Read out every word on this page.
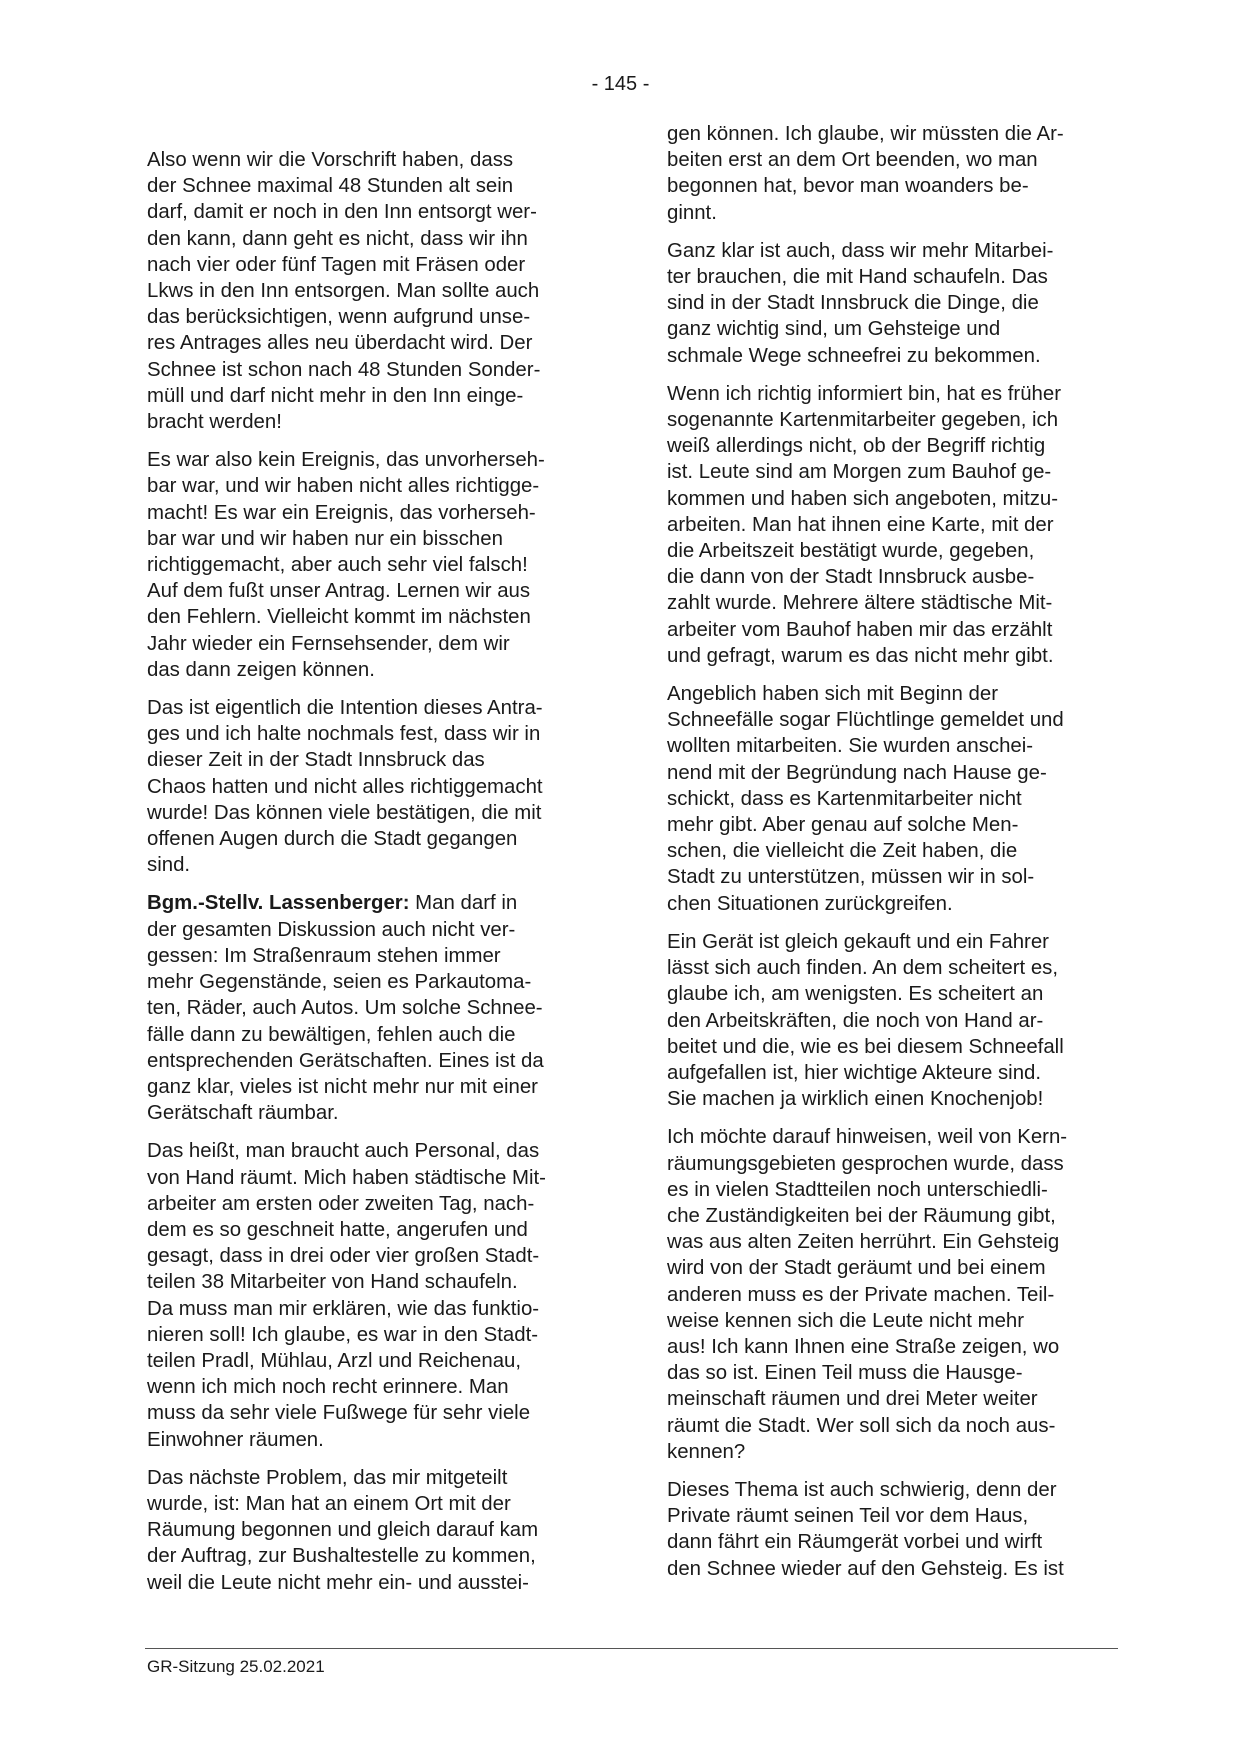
- 145 -

Also wenn wir die Vorschrift haben, dass
der Schnee maximal 48 Stunden alt sein
darf, damit er noch in den Inn entsorgt wer-
den kann, dann geht es nicht, dass wir ihn
nach vier oder fünf Tagen mit Fräsen oder
Lkws in den Inn entsorgen. Man sollte auch
das berücksichtigen, wenn aufgrund unse-
res Antrages alles neu überdacht wird. Der
Schnee ist schon nach 48 Stunden Sonder-
müll und darf nicht mehr in den Inn einge-
bracht werden!

Es war also kein Ereignis, das unvorherseh-
bar war, und wir haben nicht alles richtigge-
macht! Es war ein Ereignis, das vorherseh-
bar war und wir haben nur ein bisschen
richtiggemacht, aber auch sehr viel falsch!
Auf dem fußt unser Antrag. Lernen wir aus
den Fehlern. Vielleicht kommt im nächsten
Jahr wieder ein Fernsehsender, dem wir
das dann zeigen können.

Das ist eigentlich die Intention dieses Antra-
ges und ich halte nochmals fest, dass wir in
dieser Zeit in der Stadt Innsbruck das
Chaos hatten und nicht alles richtiggemacht
wurde! Das können viele bestätigen, die mit
offenen Augen durch die Stadt gegangen
sind.

Bgm.-Stellv. Lassenberger: Man darf in
der gesamten Diskussion auch nicht ver-
gessen: Im Straßenraum stehen immer
mehr Gegenstände, seien es Parkautoma-
ten, Räder, auch Autos. Um solche Schnee-
fälle dann zu bewältigen, fehlen auch die
entsprechenden Gerätschaften. Eines ist da
ganz klar, vieles ist nicht mehr nur mit einer
Gerätschaft räumbar.

Das heißt, man braucht auch Personal, das
von Hand räumt. Mich haben städtische Mit-
arbeiter am ersten oder zweiten Tag, nach-
dem es so geschneit hatte, angerufen und
gesagt, dass in drei oder vier großen Stadt-
teilen 38 Mitarbeiter von Hand schaufeln.
Da muss man mir erklären, wie das funktio-
nieren soll! Ich glaube, es war in den Stadt-
teilen Pradl, Mühlau, Arzl und Reichenau,
wenn ich mich noch recht erinnere. Man
muss da sehr viele Fußwege für sehr viele
Einwohner räumen.

Das nächste Problem, das mir mitgeteilt
wurde, ist: Man hat an einem Ort mit der
Räumung begonnen und gleich darauf kam
der Auftrag, zur Bushaltestelle zu kommen,
weil die Leute nicht mehr ein- und ausstei-

gen können. Ich glaube, wir müssten die Ar-
beiten erst an dem Ort beenden, wo man
begonnen hat, bevor man woanders be-
ginnt.

Ganz klar ist auch, dass wir mehr Mitarbei-
ter brauchen, die mit Hand schaufeln. Das
sind in der Stadt Innsbruck die Dinge, die
ganz wichtig sind, um Gehsteige und
schmale Wege schneefrei zu bekommen.

Wenn ich richtig informiert bin, hat es früher
sogenannte Kartenmitarbeiter gegeben, ich
weiß allerdings nicht, ob der Begriff richtig
ist. Leute sind am Morgen zum Bauhof ge-
kommen und haben sich angeboten, mitzu-
arbeiten. Man hat ihnen eine Karte, mit der
die Arbeitszeit bestätigt wurde, gegeben,
die dann von der Stadt Innsbruck ausbe-
zahlt wurde. Mehrere ältere städtische Mit-
arbeiter vom Bauhof haben mir das erzählt
und gefragt, warum es das nicht mehr gibt.

Angeblich haben sich mit Beginn der
Schneefälle sogar Flüchtlinge gemeldet und
wollten mitarbeiten. Sie wurden anschei-
nend mit der Begründung nach Hause ge-
schickt, dass es Kartenmitarbeiter nicht
mehr gibt. Aber genau auf solche Men-
schen, die vielleicht die Zeit haben, die
Stadt zu unterstützen, müssen wir in sol-
chen Situationen zurückgreifen.

Ein Gerät ist gleich gekauft und ein Fahrer
lässt sich auch finden. An dem scheitert es,
glaube ich, am wenigsten. Es scheitert an
den Arbeitskräften, die noch von Hand ar-
beitet und die, wie es bei diesem Schneefall
aufgefallen ist, hier wichtige Akteure sind.
Sie machen ja wirklich einen Knochenjob!

Ich möchte darauf hinweisen, weil von Kern-
räumungsgebieten gesprochen wurde, dass
es in vielen Stadtteilen noch unterschiedli-
che Zuständigkeiten bei der Räumung gibt,
was aus alten Zeiten herrührt. Ein Gehsteig
wird von der Stadt geräumt und bei einem
anderen muss es der Private machen. Teil-
weise kennen sich die Leute nicht mehr
aus! Ich kann Ihnen eine Straße zeigen, wo
das so ist. Einen Teil muss die Hausge-
meinschaft räumen und drei Meter weiter
räumt die Stadt. Wer soll sich da noch aus-
kennen?

Dieses Thema ist auch schwierig, denn der
Private räumt seinen Teil vor dem Haus,
dann fährt ein Räumgerät vorbei und wirft
den Schnee wieder auf den Gehsteig. Es ist

GR-Sitzung 25.02.2021
